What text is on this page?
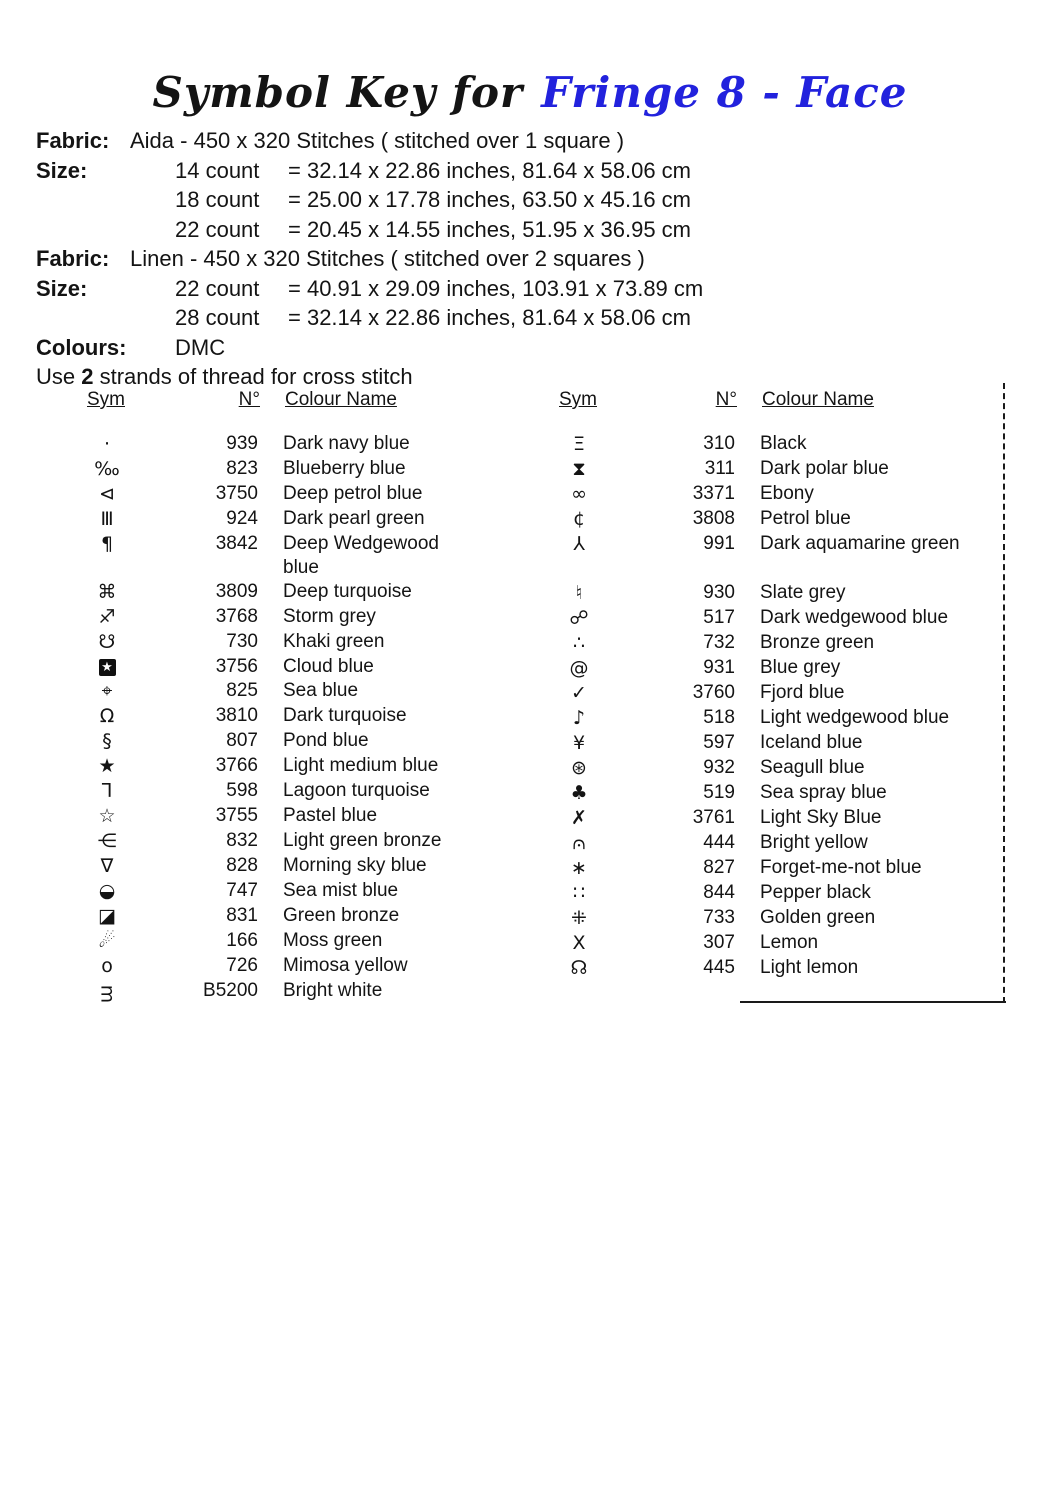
Symbol Key for Fringe 8 - Face
Fabric: Aida - 450 x 320 Stitches ( stitched over 1 square )
Size:	14 count	= 32.14 x 22.86 inches, 81.64 x 58.06 cm
18 count	= 25.00 x 17.78 inches, 63.50 x 45.16 cm
22 count	= 20.45 x 14.55 inches, 51.95 x 36.95 cm
Fabric: Linen - 450 x 320 Stitches ( stitched over 2 squares )
Size:	22 count	= 40.91 x 29.09 inches, 103.91 x 73.89 cm
28 count	= 32.14 x 22.86 inches, 81.64 x 58.06 cm
Colours: DMC
Use 2 strands of thread for cross stitch
Sym	N° Colour Name
·	939 Dark navy blue
‰	823 Blueberry blue
⊲	3750 Deep petrol blue
Ⅲ	924 Dark pearl green
¶	3842 Deep Wedgewood blue
⌘	3809 Deep turquoise
♐	3768 Storm grey
☋	730 Khaki green
★	3756 Cloud blue
⌖	825 Sea blue
Ω	3810 Dark turquoise
§	807 Pond blue
★	3766 Light medium blue
⅂	598 Lagoon turquoise
☆	3755 Pastel blue
⋲	832 Light green bronze
∇	828 Morning sky blue
◒	747 Sea mist blue
◪	831 Green bronze
☄	166 Moss green
o	726 Mimosa yellow
ᴟ	B5200 Bright white
Sym	N° Colour Name
Ξ	310 Black
⧗	311 Dark polar blue
∞	3371 Ebony
¢	3808 Petrol blue
⅄	991 Dark aquamarine green
♮	930 Slate grey
☍	517 Dark wedgewood blue
∴	732 Bronze green
@	931 Blue grey
✓	3760 Fjord blue
♪	518 Light wedgewood blue
¥	597 Iceland blue
⊛	932 Seagull blue
♣	519 Sea spray blue
✗	3761 Light Sky Blue
⩀	444 Bright yellow
∗	827 Forget-me-not blue
∷	844 Pepper black
⁜	733 Golden green
X	307 Lemon
☊	445 Light lemon
